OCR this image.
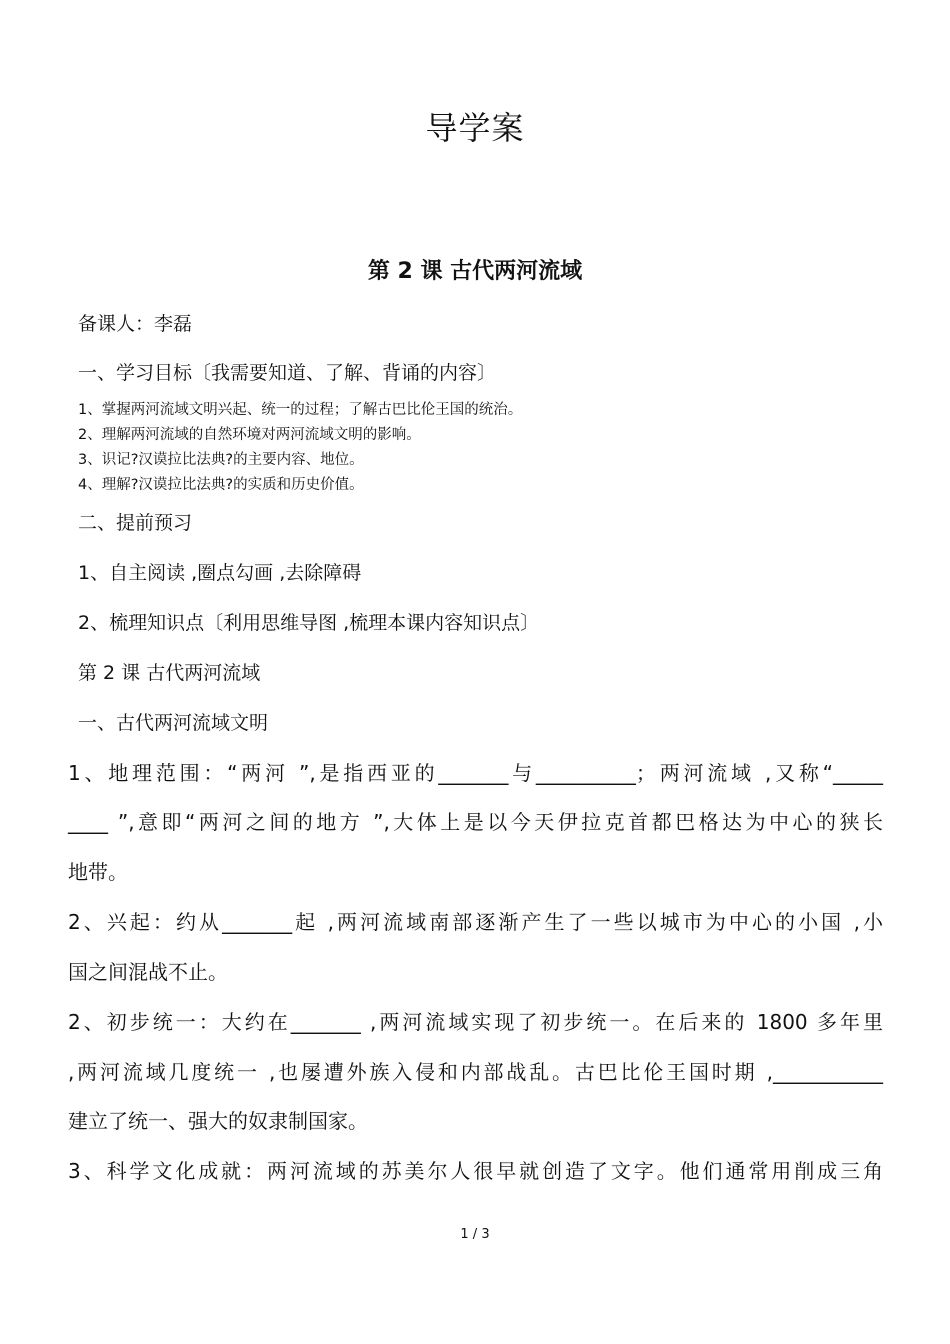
导学案
第 2 课 古代两河流域
备课人：李磊
一、学习目标〔我需要知道、了解、背诵的内容〕
1、掌握两河流域文明兴起、统一的过程；了解古巴比伦王国的统治。
2、理解两河流域的自然环境对两河流域文明的影响。
3、识记?汉谟拉比法典?的主要内容、地位。
4、理解?汉谟拉比法典?的实质和历史价值。
二、提前预习
1、自主阅读 ,圈点勾画 ,去除障碍
2、梳理知识点〔利用思维导图 ,梳理本课内容知识点〕
第 2 课 古代两河流域
一、古代两河流域文明
1、地理范围：“两河 ”,是指西亚的_______与__________；两河流域 ,又称“_____
____ ”,意即“两河之间的地方 ”,大体上是以今天伊拉克首都巴格达为中心的狭长
地带。
2、兴起：约从_______起 ,两河流域南部逐渐产生了一些以城市为中心的小国 ,小
国之间混战不止。
2、初步统一：大约在_______ ,两河流域实现了初步统一。在后来的 1800 多年里
,两河流域几度统一 ,也屡遭外族入侵和内部战乱。古巴比伦王国时期 ,___________
建立了统一、强大的奴隶制国家。
3、科学文化成就：两河流域的苏美尔人很早就创造了文字。他们通常用削成三角
1 / 3
